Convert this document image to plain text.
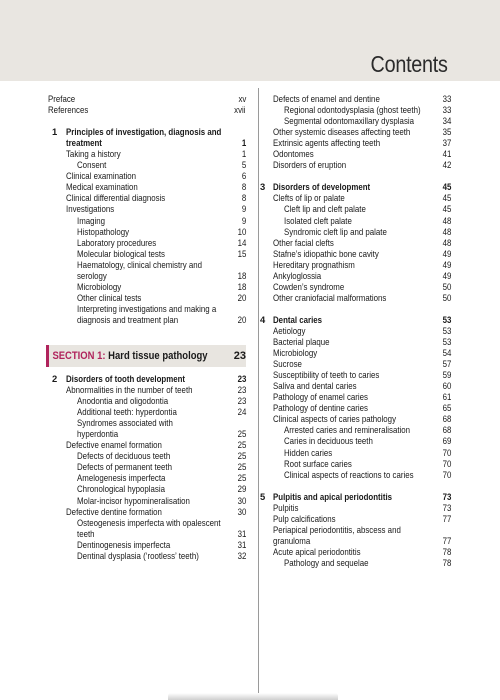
Contents
Preface	xv
References	xvii
1 Principles of investigation, diagnosis and
treatment	1
Taking a history	1
Consent	5
Clinical examination	6
Medical examination	8
Clinical differential diagnosis	8
Investigations	9
Imaging	9
Histopathology	10
Laboratory procedures	14
Molecular biological tests	15
Haematology, clinical chemistry and
serology	18
Microbiology	18
Other clinical tests	20
Interpreting investigations and making a
diagnosis and treatment plan	20
SECTION 1: Hard tissue pathology 23
2 Disorders of tooth development	23
Abnormalities in the number of teeth	23
Anodontia and oligodontia	23
Additional teeth: hyperdontia	24
Syndromes associated with
hyperdontia	25
Defective enamel formation	25
Defects of deciduous teeth	25
Defects of permanent teeth	25
Amelogenesis imperfecta	25
Chronological hypoplasia	29
Molar-incisor hypomineralisation	30
Defective dentine formation	30
Osteogenesis imperfecta with opalescent
teeth	31
Dentinogenesis imperfecta	31
Dentinal dysplasia (‘rootless’ teeth)	32
Defects of enamel and dentine	33
Regional odontodysplasia (ghost teeth) 33
Segmental odontomaxillary dysplasia	34
Other systemic diseases affecting teeth	35
Extrinsic agents affecting teeth	37
Odontomes	41
Disorders of eruption	42
3 Disorders of development	45
Clefts of lip or palate	45
Cleft lip and cleft palate	45
Isolated cleft palate	48
Syndromic cleft lip and palate	48
Other facial clefts	48
Stafne’s idiopathic bone cavity	49
Hereditary prognathism	49
Ankyloglossia	49
Cowden’s syndrome	50
Other craniofacial malformations	50
4 Dental caries	53
Aetiology	53
Bacterial plaque	53
Microbiology	54
Sucrose	57
Susceptibility of teeth to caries	59
Saliva and dental caries	60
Pathology of enamel caries	61
Pathology of dentine caries	65
Clinical aspects of caries pathology	68
Arrested caries and remineralisation	68
Caries in deciduous teeth	69
Hidden caries	70
Root surface caries	70
Clinical aspects of reactions to caries	70
5 Pulpitis and apical periodontitis	73
Pulpitis	73
Pulp calcifications	77
Periapical periodontitis, abscess and
granuloma	77
Acute apical periodontitis	78
Pathology and sequelae	78
